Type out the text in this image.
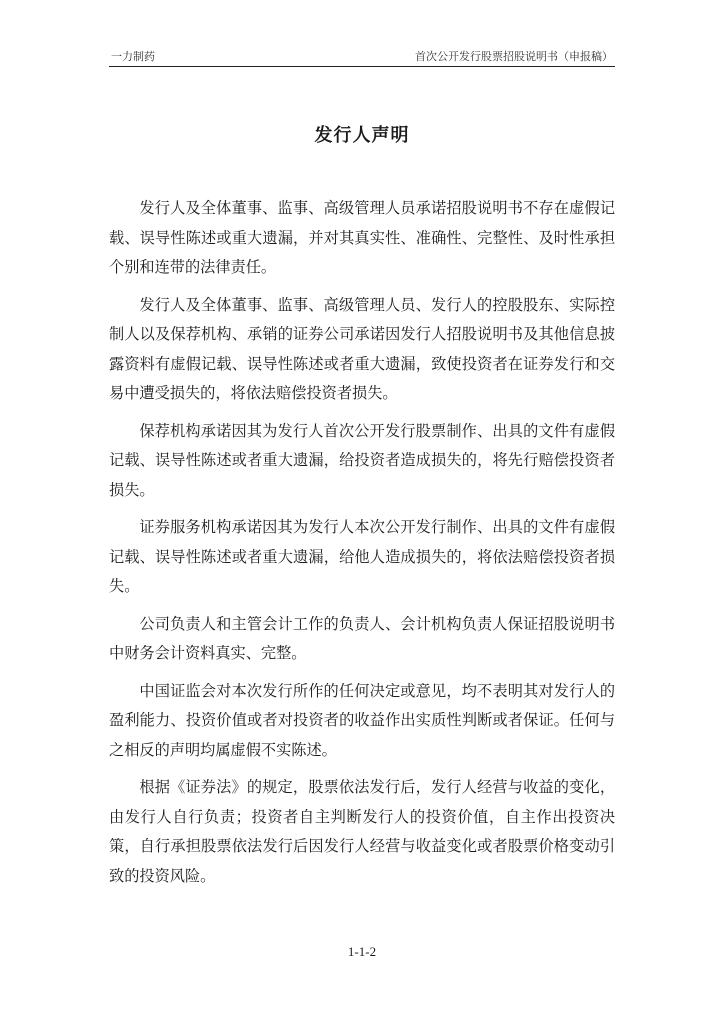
一力制药	首次公开发行股票招股说明书（申报稿）
发行人声明

发行人及全体董事、监事、高级管理人员承诺招股说明书不存在虚假记载、误导性陈述或重大遗漏，并对其真实性、准确性、完整性、及时性承担个别和连带的法律责任。

发行人及全体董事、监事、高级管理人员、发行人的控股股东、实际控制人以及保荐机构、承销的证券公司承诺因发行人招股说明书及其他信息披露资料有虚假记载、误导性陈述或者重大遗漏，致使投资者在证券发行和交易中遭受损失的，将依法赔偿投资者损失。

保荐机构承诺因其为发行人首次公开发行股票制作、出具的文件有虚假记载、误导性陈述或者重大遗漏，给投资者造成损失的，将先行赔偿投资者损失。

证券服务机构承诺因其为发行人本次公开发行制作、出具的文件有虚假记载、误导性陈述或者重大遗漏，给他人造成损失的，将依法赔偿投资者损失。

公司负责人和主管会计工作的负责人、会计机构负责人保证招股说明书中财务会计资料真实、完整。

中国证监会对本次发行所作的任何决定或意见，均不表明其对发行人的盈利能力、投资价值或者对投资者的收益作出实质性判断或者保证。任何与之相反的声明均属虚假不实陈述。

根据《证券法》的规定，股票依法发行后，发行人经营与收益的变化，由发行人自行负责；投资者自主判断发行人的投资价值，自主作出投资决策，自行承担股票依法发行后因发行人经营与收益变化或者股票价格变动引致的投资风险。

1-1-2
